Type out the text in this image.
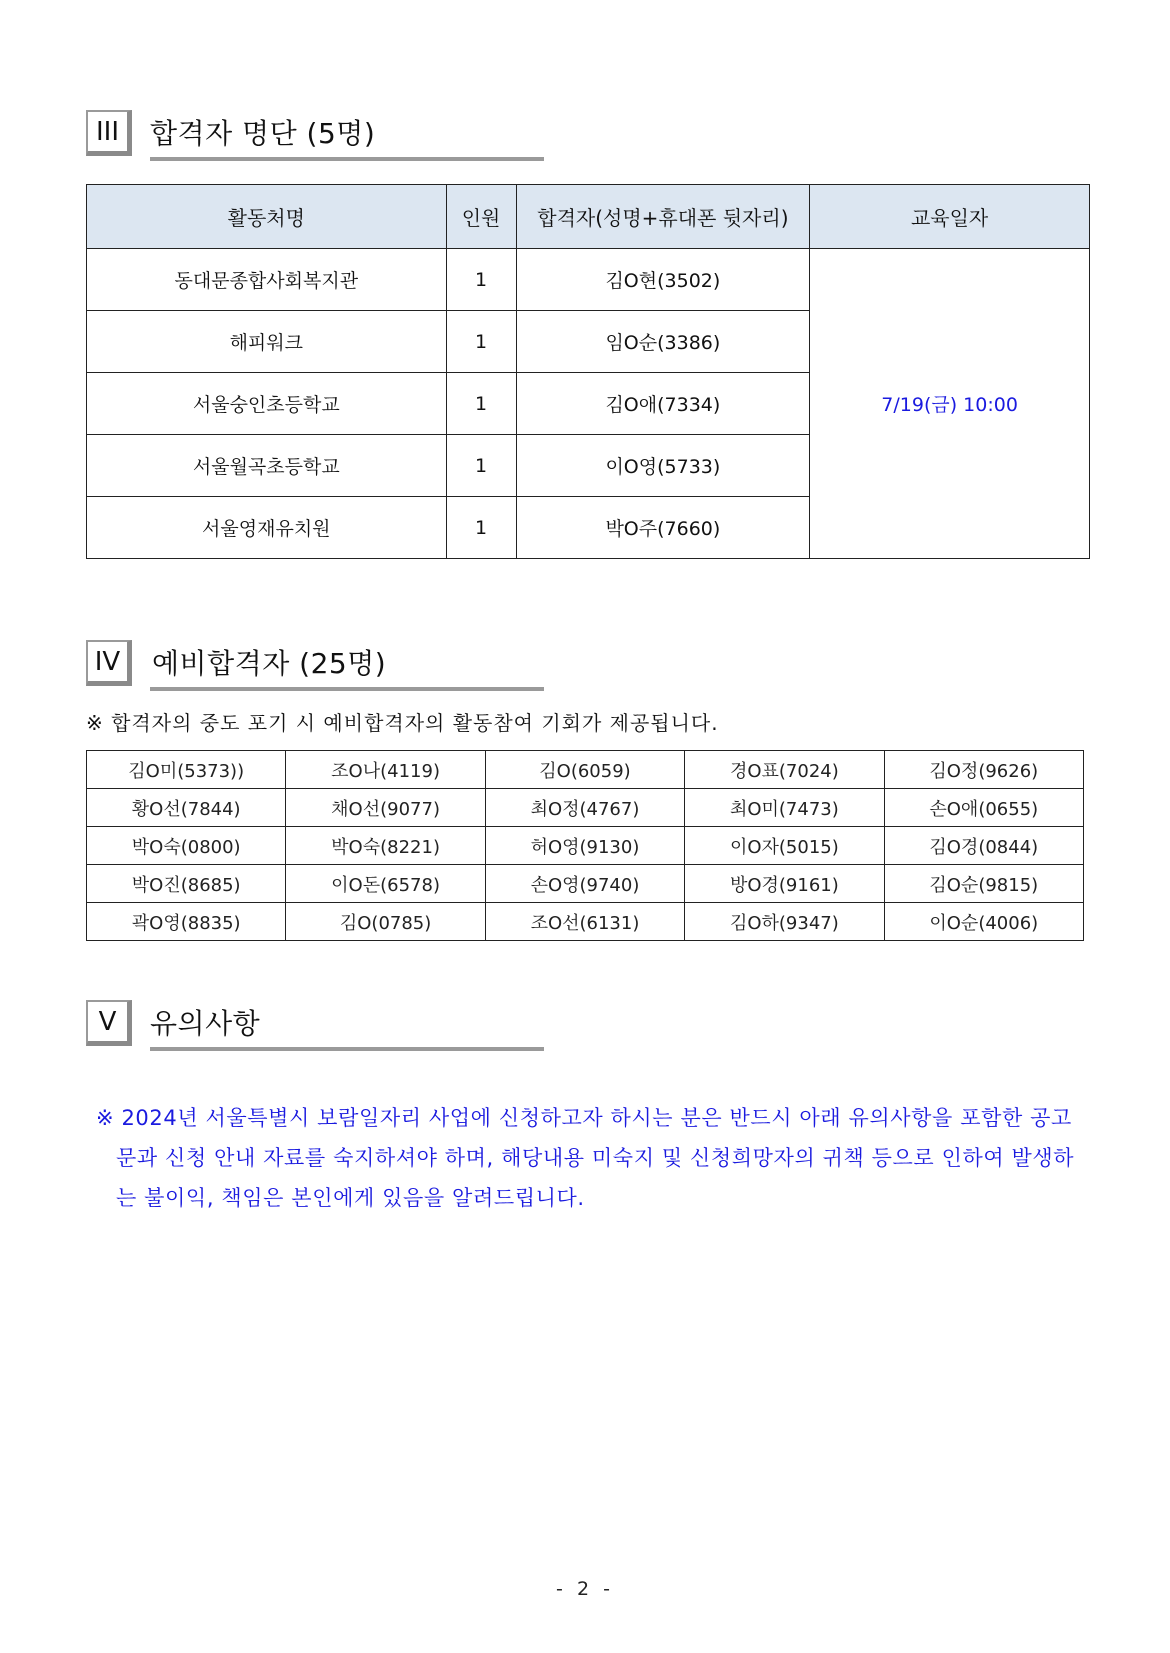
III	합격자 명단 (5명)
활동처명	인원	합격자(성명+휴대폰 뒷자리)	교육일자
동대문종합사회복지관	1	김O현(3502)	7/19(금) 10:00
해피워크	1	임O순(3386)	
서울숭인초등학교	1	김O애(7334)	
서울월곡초등학교	1	이O영(5733)	
서울영재유치원	1	박O주(7660)	
IV	예비합격자 (25명)
※ 합격자의 중도 포기 시 예비합격자의 활동참여 기회가 제공됩니다.
김O미(5373))	조O나(4119)	김O(6059)	경O표(7024)	김O정(9626)
황O선(7844)	채O선(9077)	최O정(4767)	최O미(7473)	손O애(0655)
박O숙(0800)	박O숙(8221)	허O영(9130)	이O자(5015)	김O경(0844)
박O진(8685)	이O돈(6578)	손O영(9740)	방O경(9161)	김O순(9815)
곽O영(8835)	김O(0785)	조O선(6131)	김O하(9347)	이O순(4006)
V	유의사항
※ 2024년 서울특별시 보람일자리 사업에 신청하고자 하시는 분은 반드시 아래 유의사항을 포함한 공고
문과 신청 안내 자료를 숙지하셔야 하며, 해당내용 미숙지 및 신청희망자의 귀책 등으로 인하여 발생하
는 불이익, 책임은 본인에게 있음을 알려드립니다.
- 2 -
